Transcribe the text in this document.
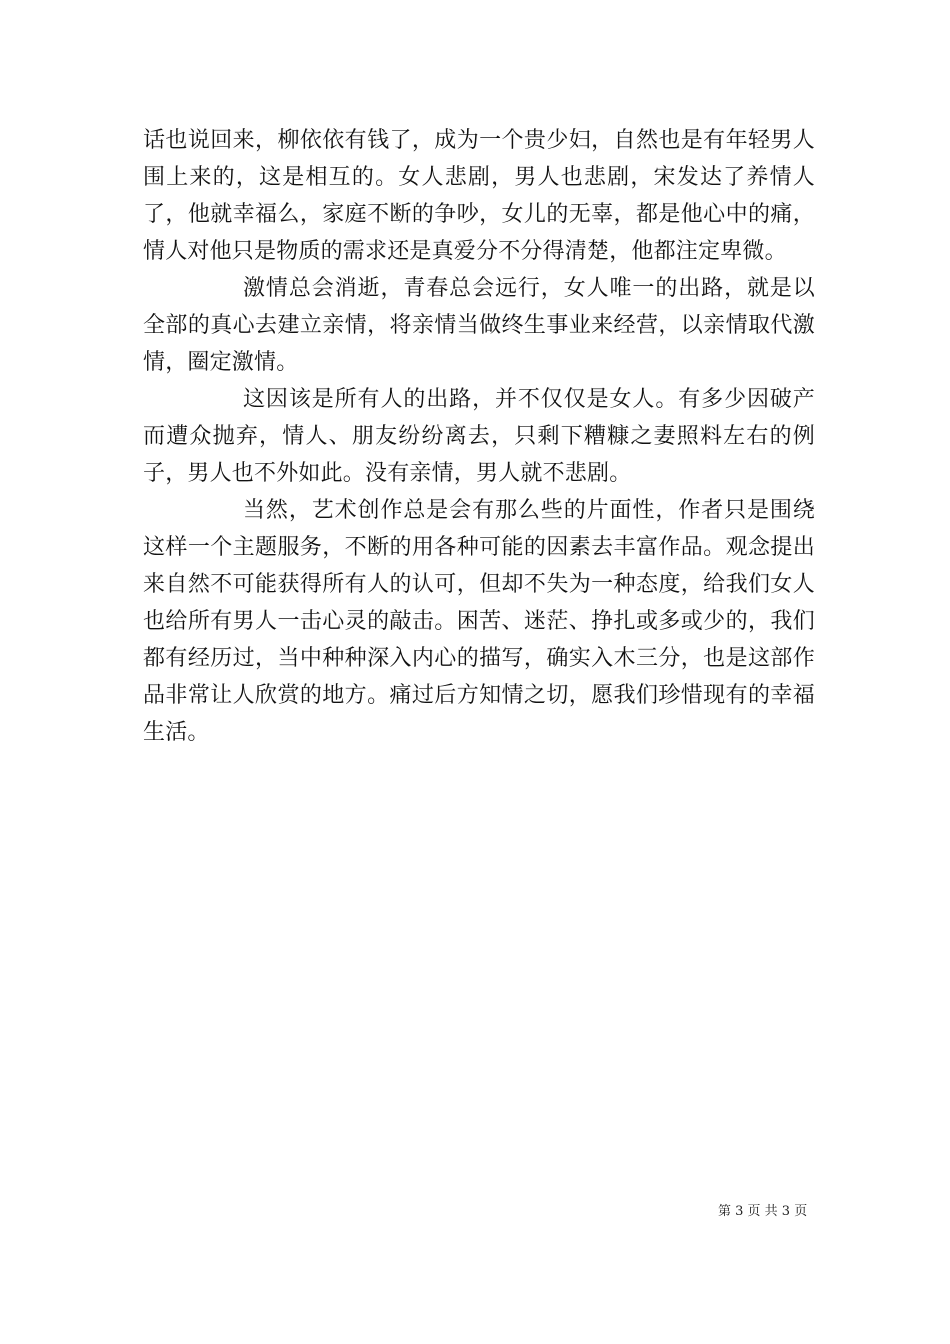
话也说回来，柳依依有钱了，成为一个贵少妇，自然也是有年轻男人围上来的，这是相互的。女人悲剧，男人也悲剧，宋发达了养情人了，他就幸福么，家庭不断的争吵，女儿的无辜，都是他心中的痛，情人对他只是物质的需求还是真爱分不分得清楚，他都注定卑微。

激情总会消逝，青春总会远行，女人唯一的出路，就是以全部的真心去建立亲情，将亲情当做终生事业来经营，以亲情取代激情，圈定激情。

这因该是所有人的出路，并不仅仅是女人。有多少因破产而遭众抛弃，情人、朋友纷纷离去，只剩下糟糠之妻照料左右的例子，男人也不外如此。没有亲情，男人就不悲剧。

当然，艺术创作总是会有那么些的片面性，作者只是围绕这样一个主题服务，不断的用各种可能的因素去丰富作品。观念提出来自然不可能获得所有人的认可，但却不失为一种态度，给我们女人也给所有男人一击心灵的敲击。困苦、迷茫、挣扎或多或少的，我们都有经历过，当中种种深入内心的描写，确实入木三分，也是这部作品非常让人欣赏的地方。痛过后方知情之切，愿我们珍惜现有的幸福生活。

第 3 页 共 3 页
